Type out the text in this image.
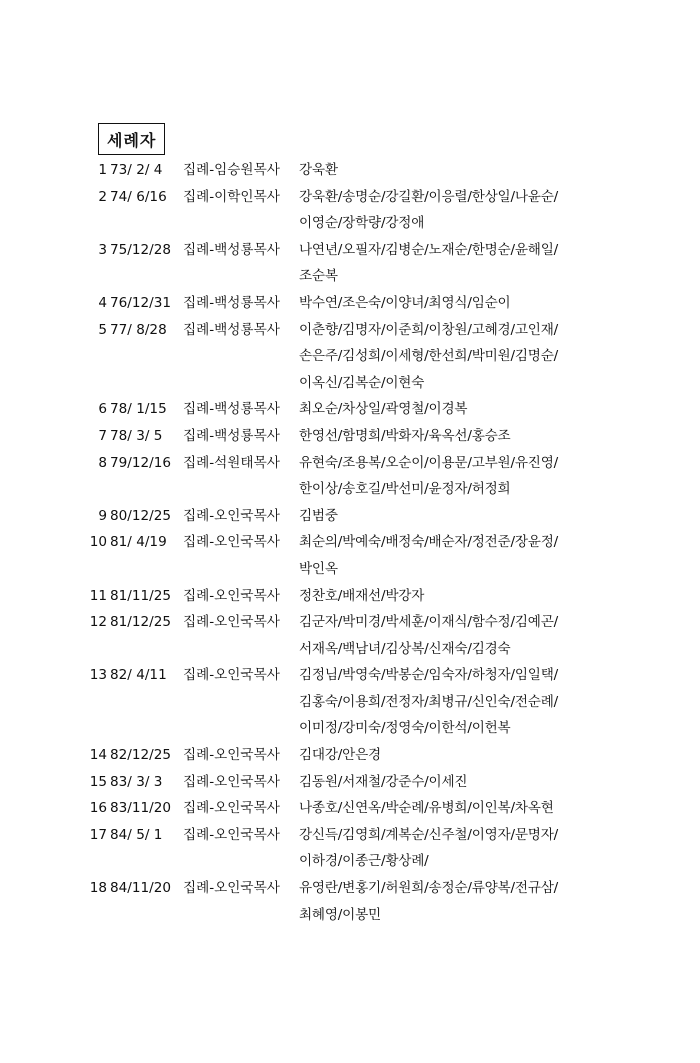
세례자
1 73/ 2/ 4	집례-임승원목사 강욱환
2 74/ 6/16	집례-이학인목사 강욱환/송명순/강길환/이응렬/한상일/나윤순/
이영순/장학량/강정애
3 75/12/28 집례-백성룡목사 나연년/오필자/김병순/노재순/한명순/윤해일/
조순복
4 76/12/31 집례-백성룡목사 박수연/조은숙/이양녀/최영식/임순이
5 77/ 8/28	집례-백성룡목사 이춘향/김명자/이준희/이창원/고혜경/고인재/
손은주/김성희/이세형/한선희/박미원/김명순/
이옥신/김복순/이현숙
6 78/ 1/15	집례-백성룡목사 최오순/차상일/곽영철/이경복
7 78/ 3/ 5	집례-백성룡목사 한영선/함명희/박화자/육옥선/홍승조
8 79/12/16 집례-석원태목사 유현숙/조용복/오순이/이용문/고부원/유진영/
한이상/송호길/박선미/윤정자/허정희
9 80/12/25 집례-오인국목사 김범중
10 81/ 4/19	집례-오인국목사 최순의/박예숙/배정숙/배순자/정전준/장윤정/
박인옥
11 81/11/25 집례-오인국목사 정찬호/배재선/박강자
12 81/12/25 집례-오인국목사 김군자/박미경/박세훈/이재식/함수정/김예곤/
서재옥/백남녀/김상복/신재숙/김경숙
13 82/ 4/11	집례-오인국목사 김정님/박영숙/박봉순/임숙자/하청자/임일택/
김홍숙/이용희/전정자/최병규/신인숙/전순례/
이미정/강미숙/정영숙/이한석/이헌복
14 82/12/25 집례-오인국목사 김대강/안은경
15 83/ 3/ 3	집례-오인국목사 김동원/서재철/강준수/이세진
16 83/11/20 집례-오인국목사 나종호/신연옥/박순례/유병희/이인복/차옥현
17 84/ 5/ 1	집례-오인국목사 강신득/김영희/계복순/신주철/이영자/문명자/
이하경/이종근/황상례/
18 84/11/20 집례-오인국목사 유영란/변홍기/허원희/송정순/류양복/전규삼/
최혜영/이봉민
